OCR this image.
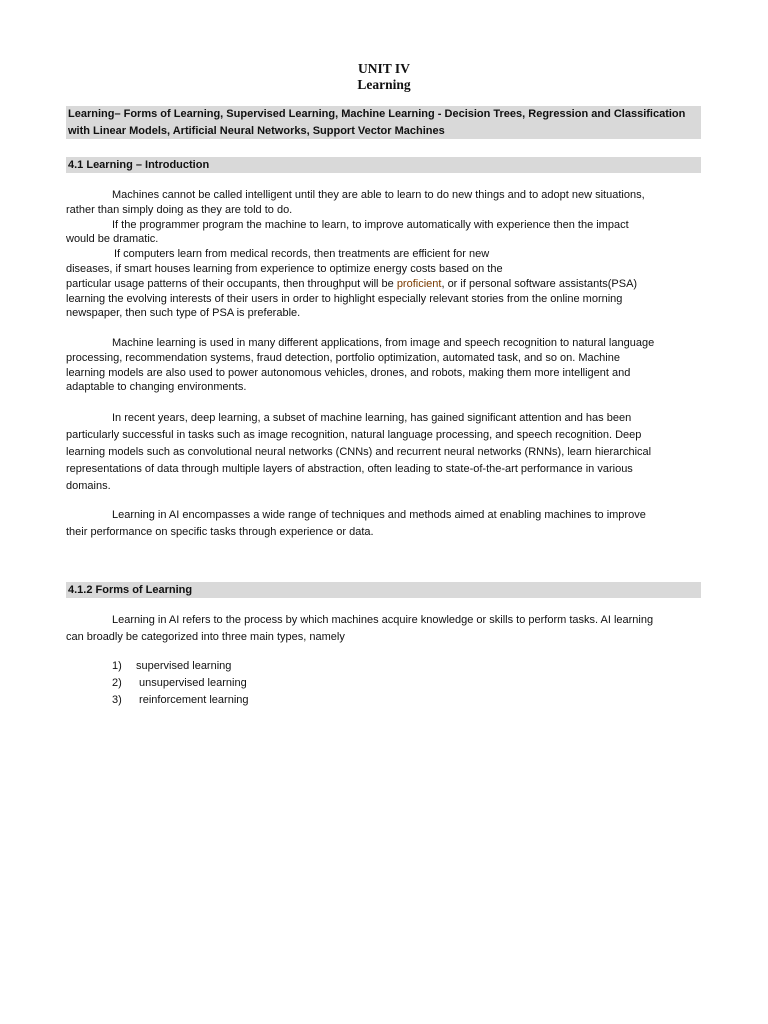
UNIT IV
Learning
Learning– Forms of Learning, Supervised Learning, Machine Learning - Decision Trees, Regression and Classification
with Linear Models, Artificial Neural Networks, Support Vector Machines
4.1 Learning – Introduction
Machines cannot be called intelligent until they are able to learn to do new things and to adopt new situations,
rather than simply doing as they are told to do.
If the programmer program the machine to learn, to improve automatically with experience then the impact
would be dramatic.
If computers learn from medical records, then treatments are efficient for new
diseases, if smart houses learning from experience to optimize energy costs based on the
particular usage patterns of their occupants, then throughput will be proficient, or if personal software assistants(PSA)
learning the evolving interests of their users in order to highlight especially relevant stories from the online morning
newspaper, then such type of PSA is preferable.
Machine learning is used in many different applications, from image and speech recognition to natural language
processing, recommendation systems, fraud detection, portfolio optimization, automated task, and so on. Machine
learning models are also used to power autonomous vehicles, drones, and robots, making them more intelligent and
adaptable to changing environments.
In recent years, deep learning, a subset of machine learning, has gained significant attention and has been
particularly successful in tasks such as image recognition, natural language processing, and speech recognition. Deep
learning models such as convolutional neural networks (CNNs) and recurrent neural networks (RNNs), learn hierarchical
representations of data through multiple layers of abstraction, often leading to state-of-the-art performance in various
domains.
Learning in AI encompasses a wide range of techniques and methods aimed at enabling machines to improve
their performance on specific tasks through experience or data.
4.1.2 Forms of Learning
Learning in AI refers to the process by which machines acquire knowledge or skills to perform tasks. AI learning
can broadly be categorized into three main types, namely
1)	supervised learning
2)	unsupervised learning
3)	reinforcement learning
